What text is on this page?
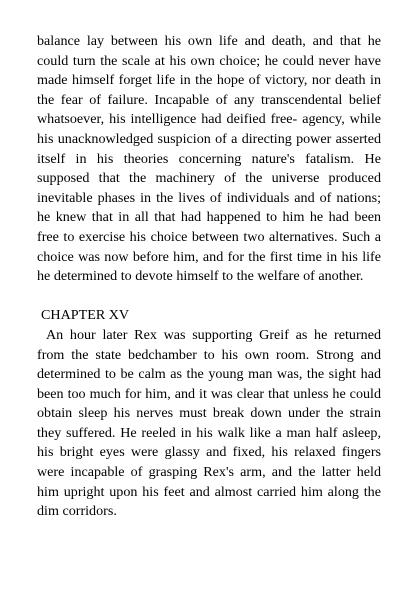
balance lay between his own life and death, and that he could turn the scale at his own choice; he could never have made himself forget life in the hope of victory, nor death in the fear of failure. Incapable of any transcendental belief whatsoever, his intelligence had deified free- agency, while his unacknowledged suspicion of a directing power asserted itself in his theories concerning nature's fatalism. He supposed that the machinery of the universe produced inevitable phases in the lives of individuals and of nations; he knew that in all that had happened to him he had been free to exercise his choice between two alternatives. Such a choice was now before him, and for the first time in his life he determined to devote himself to the welfare of another.

CHAPTER XV

An hour later Rex was supporting Greif as he returned from the state bedchamber to his own room. Strong and determined to be calm as the young man was, the sight had been too much for him, and it was clear that unless he could obtain sleep his nerves must break down under the strain they suffered. He reeled in his walk like a man half asleep, his bright eyes were glassy and fixed, his relaxed fingers were incapable of grasping Rex's arm, and the latter held him upright upon his feet and almost carried him along the dim corridors.
